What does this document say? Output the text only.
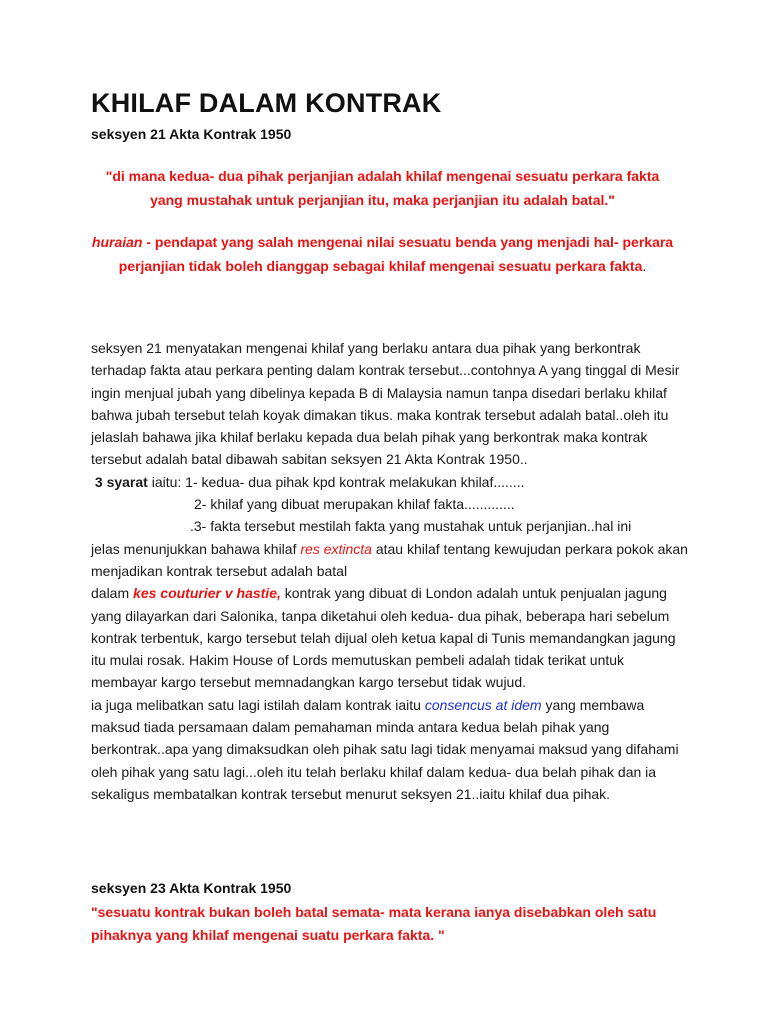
KHILAF DALAM KONTRAK
seksyen 21 Akta Kontrak 1950
"di mana kedua- dua pihak perjanjian adalah khilaf mengenai sesuatu perkara fakta yang mustahak untuk perjanjian itu, maka perjanjian itu adalah batal."
huraian - pendapat yang salah mengenai nilai sesuatu benda yang menjadi hal- perkara perjanjian tidak boleh dianggap sebagai khilaf mengenai sesuatu perkara fakta.

seksyen 21 menyatakan mengenai khilaf yang berlaku antara dua pihak yang berkontrak terhadap fakta atau perkara penting dalam kontrak tersebut...contohnya A yang tinggal di Mesir ingin menjual jubah yang dibelinya kepada B di Malaysia namun tanpa disedari berlaku khilaf bahwa jubah tersebut telah koyak dimakan tikus. maka kontrak tersebut adalah batal..oleh itu jelaslah bahawa jika khilaf berlaku kepada dua belah pihak yang berkontrak maka kontrak tersebut adalah batal dibawah sabitan seksyen 21 Akta Kontrak 1950..

3 syarat iaitu: 1- kedua- dua pihak kpd kontrak melakukan khilaf........

2- khilaf yang dibuat merupakan khilaf fakta.............

.3- fakta tersebut mestilah fakta yang mustahak untuk perjanjian..hal ini

jelas menunjukkan bahawa khilaf res extincta atau khilaf tentang kewujudan perkara pokok akan menjadikan kontrak tersebut adalah batal

dalam kes couturier v hastie, kontrak yang dibuat di London adalah untuk penjualan jagung yang dilayarkan dari Salonika, tanpa diketahui oleh kedua- dua pihak, beberapa hari sebelum kontrak terbentuk, kargo tersebut telah dijual oleh ketua kapal di Tunis memandangkan jagung itu mulai rosak. Hakim House of Lords memutuskan pembeli adalah tidak terikat untuk membayar kargo tersebut memnadangkan kargo tersebut tidak wujud.

ia juga melibatkan satu lagi istilah dalam kontrak iaitu consencus at idem yang membawa maksud tiada persamaan dalam pemahaman minda antara kedua belah pihak yang berkontrak..apa yang dimaksudkan oleh pihak satu lagi tidak menyamai maksud yang difahami oleh pihak yang satu lagi...oleh itu telah berlaku khilaf dalam kedua- dua belah pihak dan ia sekaligus membatalkan kontrak tersebut menurut seksyen 21..iaitu khilaf dua pihak.

seksyen 23 Akta Kontrak 1950
"sesuatu kontrak bukan boleh batal semata- mata kerana ianya disebabkan oleh satu pihaknya yang khilaf mengenai suatu perkara fakta. "
